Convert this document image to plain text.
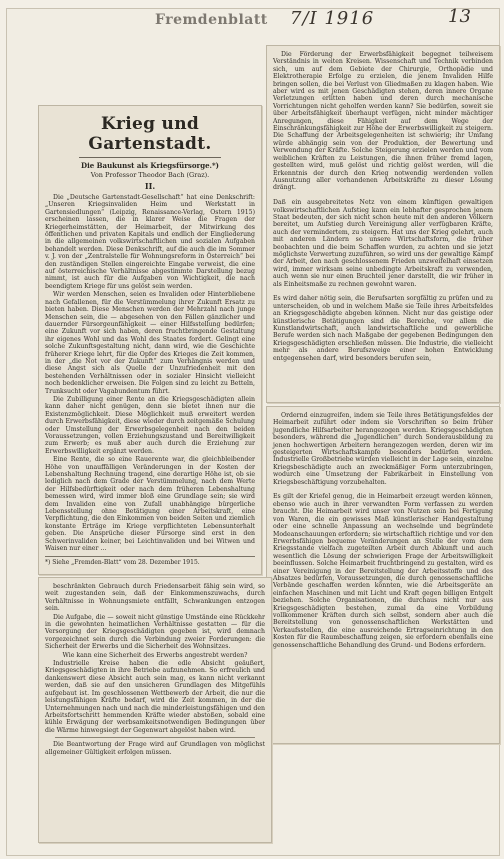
Fremdenblatt 7/I 1916	13
Krieg und Gartenstadt.
Die Baukunst als Kriegsfürsorge.*)
Von Professor Theodor Bach (Graz).
II.

Die „Deutsche Gartenstadt-Gesellschaft“ hat eine Denkschrift: „Unseren Kriegsinvaliden Heim und Werkstatt in Gartensiedlungen“ (Leipzig, Renaissance-Verlag, Ostern 1915) erscheinen lassen, die in klarer Weise die Fragen der Kriegerheimstätten, der Heimarbeit, der Mitwirkung des öffentlichen und privaten Kapitals und endlich der Eingliederung in die allgemeinen volkswirtschaftlichen und sozialen Aufgaben behandelt werden. Diese Denkschrift, auf die auch die im Sommer v. J. von der „Zentralstelle für Wohnungsreform in Österreich“ bei den zuständigen Stellen eingereichte Eingabe verweist, die eine auf österreichische Verhältnisse abgestimmte Darstellung bezug nimmt, ist auch für die Aufgaben von Wichtigkeit, die nach beendigtem Kriege für uns gelöst sein werden.

Wir werden Menschen, seien es Invaliden oder Hinterbliebene nach Gefallenen, für die Verstümmelung ihrer Zukunft Ersatz zu bieten haben. Diese Menschen werden der Mehrzahl nach junge Menschen sein, die — abgesehen von den Fällen gänzlicher und dauernder Fürsorgeunfähigkeit — einer Hilfsstellung bedürfen; eine Zukunft vor sich haben, deren fruchtbringende Gestaltung ihr eigenes Wohl und das Wohl des Staates fordert. Gelingt eine solche Zukunftsgestaltung nicht, dann wird, wie die Geschichte früherer Kriege lehrt, für die Opfer des Krieges die Zeit kommen, in der „die Not vor der Zukunft“ zum Verhängnis werden und diese Angst sich als Quelle der Unzufriedenheit mit den bestehenden Verhältnissen oder in sozialer Hinsicht vielleicht noch bedenklicher erweisen. Die Folgen sind zu leicht zu Betteln, Trunksucht oder Vagabundentum führt.

Die Zubilligung einer Rente an die Kriegsgeschädigten allein kann daher nicht genügen, denn sie bietet ihnen nur die Existenzmöglichkeit. Diese Möglichkeit muß erweitert werden durch Erwerbsfähigkeit, diese wieder durch zeitgemäße Schulung oder Umstellung der Erwerbsgelegenheit nach den beiden Voraussetzungen, vollen Erziehungszustand und Bereitwilligkeit zum Erwerb; es muß aber auch durch die Erziehung zur Erwerbswilligkeit ergänzt werden.

Eine Rente, die so eine Rauerente war, die gleichbleibender Höhe von unauffälligen Veränderungen in der Kosten der Lebenshaltung Rechnung tragend, eine derartige Höhe ist, ob sie lediglich nach dem Grade der Verstümmelung, nach dem Werte der Hilfsbedürftigkeit oder nach dem früheren Lebenshaltung bemessen wird, wird immer bloß eine Grundlage sein; sie wird dem Invaliden eine von Zufall unabhängige bürgerliche Lebensstellung ohne Betätigung einer Arbeitskraft, eine Verpflichtung, die den Einkommen von beiden Seiten und ziemlich konstante Erträge im Kriege verpflichteten Lebensunterhalt geben. Die Ansprüche dieser Fürsorge sind erst in den Schwerinvaliden keiner, bei Leichtinvaliden und bei Witwen und Waisen nur einer ...

*) Siehe „Fremden-Blatt“ vom 28. Dezember 1915.

Die Förderung der Erwerbsfähigkeit begegnet teilweisem Verständnis in weiten Kreisen. Wissenschaft und Technik verbinden sich, um auf dem Gebiete der Chirurgie, Orthopädie und Elektrotherapie Erfolge zu erzielen, die jenem Invaliden Hilfe bringen sollen, die bei Verlust von Gliedmaßen zu klagen haben. Wie aber wird es mit jenen Geschädigten stehen, deren innere Organe Verletzungen erlitten haben und deren durch mechanische Vorrichtungen nicht geholfen werden kann? Sie bedürfen, soweit sie über Arbeitsfähigkeit überhaupt verfügen, nicht minder mächtiger Anregungen, diese Fähigkeit auf dem Wege der Einschränkungsfähigkeit zur Höhe der Erwerbswilligkeit zu steigern. Die Schaffung der Arbeitsgelegenheiten ist schwierig; ihr Umfang würde abhängig sein von der Produktion, der Bewertung und Verwendung der Kräfte. Solche Steigerung erzielen werden und vom weiblichen Kräften zu Leistungen, die ihnen früher fremd lagen, gestellten wird, muß gelöst und richtig gelöst werden, will die Erkenntnis der durch den Krieg notwendig werdenden vollen Ausnutzung aller vorhandenen Arbeitskräfte zu dieser Lösung drängt.

Daß ein ausgebreitetes Netz von einem künftigen gewaltigen volkswirtschaftlichen Aufstieg kann ein lebhafter gesprochen jenem Staat bedeuten, der sich nicht schon heute mit den anderen Völkern bereitet, um Aufstieg durch Vereinigung aller verfügbaren Kräfte, auch der vermindertem, zu steigern. Hat uns der Krieg gelehrt, auch mit anderen Ländern so unsere Wirtschaftsform, die früher beobachten und die beim Schaffen wurden, zu achten und sie jetzt möglichste Verwertung zuzuführen, so wird uns der gewaltige Kampf der Arbeit, den nach geschlossenem Frieden unzweifelhaft einsetzen wird, immer wirksam seine unbedingte Arbeitskraft zu verwenden, auch wenn sie nur einen Bruchteil jener darstellt, die wir früher in als Einheitsmaße zu rechnen gewohnt waren.

Es wird daher nötig sein, die Berufsarten sorgfältig zu prüfen und zu unterscheiden, ob und in welchem Maße sie Teile ihres Arbeitsfeldes an Kriegsgeschädigte abgeben können. Nicht nur das geistige oder künstlerische Betätigungen sind die Bereiche, vor allem die Kunstlandwirtschaft, auch landwirtschaftliche und gewerbliche Berufe werden sich nach Maßgabe der gegebenen Bedingungen den Kriegsgeschädigten erschließen müssen. Die Industrie, die vielleicht mehr als andere Berufszweige einer hohen Entwicklung entgegensehen darf, wird besonders berufen sein,

Ordernd einzugreifen, indem sie Teile ihres Betätigungsfeldes der Heimarbeit zuführt oder indem sie Vorschriften so beim früher jugendliche Hilfsarbeiter herangezogen werden. Kriegsgeschädigten besonders, während die „Jugendlichen“ durch Sonderausbildung zu jenen hochwertigen Arbeitern herangezogen werden, deren wir im gesteigerten Wirtschaftskampfe besonders bedürfen werden. Industrielle Großbetriebe würden vielleicht in der Lage sein, einzelne Kriegsbeschädigte auch an zweckmäßiger Form unterzubringen, wodurch eine Umsetzung der Fabrikarbeit in Einstellung von Kriegsbeschäftigung vorzubehalten.

Es gilt der Kriefel genug, die in Heimarbeit erzeugt werden können, ebenso wie auch in ihrer verwandten Form verfassen zu werden braucht. Die Heimarbeit wird unser von Nutzen sein bei Fertigung von Waren, die ein gewisses Maß künstlerischer Handgestaltung oder eine schnelle Anpassung an wechselnde und begründete Modeanschauungen erfordern; sie wirtschaftlich richtige und vor den Erwerbsfähigen bequeme Veränderungen an Stelle der vom dem Kriegsstande vielfach zugeteilten Arbeit durch Abkunft und auch wesentlich die Lösung der schwierigen Frage der Arbeitswilligkeit beeinflussen. Solche Heimarbeit fruchtbringend zu gestalten, wird es einer Vereinigung in der Bereitstellung der Arbeitsstoffe und des Absatzes bedürfen, Voraussetzungen, die durch genossenschaftliche Verbände geschaffen werden könnten, wie die Arbeitsgeräte an einfachen Maschinen und mit Licht und Kraft gegen billigen Entgelt beziehen. Solche Organisationen, die durchaus nicht nur aus Kriegsgeschädigten bestehen, zumal da eine Vorbildung vollkommener Kräften durch sich selbst, sondern aber auch die Bereitstellung von genossenschaftlichen Werkstätten und Verkaufsstellen, die eine ausreichende Ertragseinrichtung in den Kosten für die Raumbeschaffung zeigen, sie erfordern ebenfalls eine genossenschaftliche Behandlung des Grund- und Bodens erfordern.

beschränkten Gebrauch durch Friedensarbeit fähig sein wird, so weit zugestanden sein, daß der Einkommenszuwachs, durch Verhältnisse in Wohnungsmiete entfällt, Schwankungen entzogen sein.

Die Aufgabe, die — soweit nicht günstige Umstände eine Rückkehr in die gewohnten heimatlichen Verhältnisse gestatten — für die Versorgung der Kriegsgeschädigten gegeben ist, wird demnach vorgezeichnet sein durch die Verbindung zweier Forderungen: die Sicherheit der Erwerbs und die Sicherheit des Wohnsitzes.

Wie kann eine Sicherheit des Erwerbs angestrebt werden?

Industrielle Kreise haben die edle Absicht geäußert, Kriegsgeschädigten in ihre Betriebe aufzunehmen. So erfreulich und dankenswert diese Absicht auch sein mag, es kann nicht verkannt werden, daß sie auf den unsicheren Grundlagen des Mitgefühls aufgebaut ist. Im geschlossenen Wettbewerb der Arbeit, die nur die leistungsfähigen Kräfte bedarf, wird die Zeit kommen, in der die Unternehmungen nach und nach die minderleistungsfähigen und den Arbeitsfortschritt hemmenden Kräfte wieder abstoßen, sobald eine kühle Erwägung der werbsamkeitsnotwendigen Bedingungen über die Wärme hinwegsiegt der Gegenwart abgelöst haben wird.

Die Beantwortung der Frage wird auf Grundlagen von möglichst allgemeiner Gültigkeit erfolgen müssen.
